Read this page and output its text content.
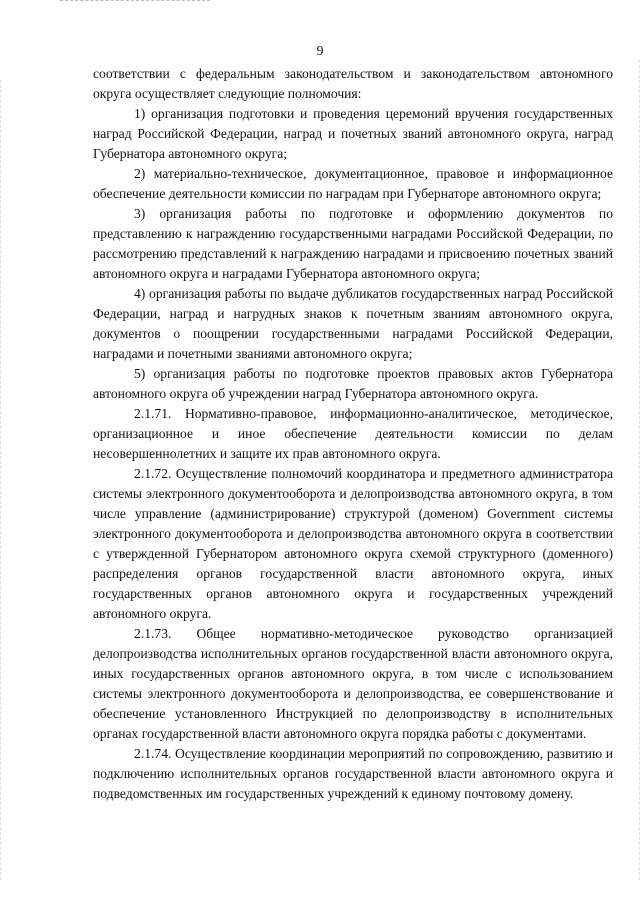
9

соответствии с федеральным законодательством и законодательством автономного округа осуществляет следующие полномочия:

1) организация подготовки и проведения церемоний вручения государственных наград Российской Федерации, наград и почетных званий автономного округа, наград Губернатора автономного округа;

2) материально-техническое, документационное, правовое и информационное обеспечение деятельности комиссии по наградам при Губернаторе автономного округа;

3) организация работы по подготовке и оформлению документов по представлению к награждению государственными наградами Российской Федерации, по рассмотрению представлений к награждению наградами и присвоению почетных званий автономного округа и наградами Губернатора автономного округа;

4) организация работы по выдаче дубликатов государственных наград Российской Федерации, наград и нагрудных знаков к почетным званиям автономного округа, документов о поощрении государственными наградами Российской Федерации, наградами и почетными званиями автономного округа;

5) организация работы по подготовке проектов правовых актов Губернатора автономного округа об учреждении наград Губернатора автономного округа.

2.1.71. Нормативно-правовое, информационно-аналитическое, методическое, организационное и иное обеспечение деятельности комиссии по делам несовершеннолетних и защите их прав автономного округа.

2.1.72. Осуществление полномочий координатора и предметного администратора системы электронного документооборота и делопроизводства автономного округа, в том числе управление (администрирование) структурой (доменом) Government системы электронного документооборота и делопроизводства автономного округа в соответствии с утвержденной Губернатором автономного округа схемой структурного (доменного) распределения органов государственной власти автономного округа, иных государственных органов автономного округа и государственных учреждений автономного округа.

2.1.73. Общее нормативно-методическое руководство организацией делопроизводства исполнительных органов государственной власти автономного округа, иных государственных органов автономного округа, в том числе с использованием системы электронного документооборота и делопроизводства, ее совершенствование и обеспечение установленного Инструкцией по делопроизводству в исполнительных органах государственной власти автономного округа порядка работы с документами.

2.1.74. Осуществление координации мероприятий по сопровождению, развитию и подключению исполнительных органов государственной власти автономного округа и подведомственных им государственных учреждений к единому почтовому домену.
